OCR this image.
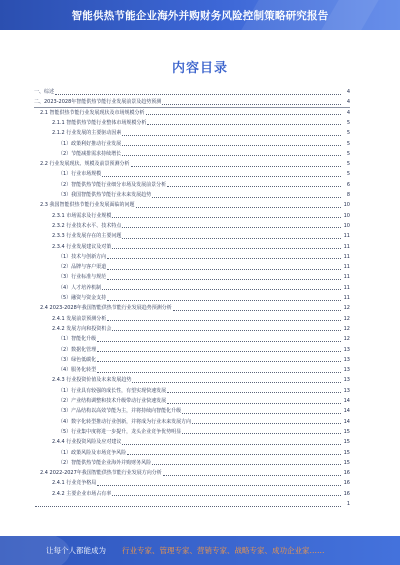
智能供热节能企业海外并购财务风险控制策略研究报告
内容目录
一、综述	4
二、2023-2028年智能供热节能行业发展前景及趋势预测	4
2.1 智能供热节能行业发展现状及市场规模分析	4
2.1.1 智能供热节能行业整体市场规模分析	5
2.1.2 行业发展的主要驱动因素	5
（1）政策利好推动行业发展	5
（2）节能减排需求持续增长	5
2.2 行业发展现状、规模及前景预测分析	5
（1）行业市场规模	5
（2）智能供热节能行业细分市场及发展前景分析	6
（3）我国智能供热节能行业未来发展趋势	8
2.3 我国智能供热节能行业发展面临的问题	10
2.3.1 市场需求及行业规模	10
2.3.2 行业技术水平、技术特点	10
2.3.3 行业发展存在的主要问题	11
2.3.4 行业发展建议及对策	11
（1）技术与创新方向	11
（2）品牌与客户渠道	11
（3）行业标准与规范	11
（4）人才培养机制	11
（5）融资与资金支持	11
2.4 2023-2028年我国智能供热节能行业发展趋势预测分析	12
2.4.1 发展前景预测分析	12
2.4.2 发展方向和投资机会	12
（1）智能化升级	12
（2）数据化管理	13
（3）绿色低碳化	13
（4）服务化转型	13
2.4.3 行业投资价值及未来发展趋势	13
（1）行业具有较强的成长性，有望实现快速发展	13
（2）产业结构调整和技术升级带动行业快速发展	14
（3）产品结构以高效节能为主，并将持续向智能化升级	14
（4）数字化转型推动行业创新，并将成为行业未来发展方向	14
（5）行业集中度将进一步提升，龙头企业竞争优势明显	15
2.4.4 行业投资风险及应对建议	15
（1）政策风险及市场竞争风险	15
（2）智能供热节能企业海外并购财务风险	15
2.4 2022-2027年我国智能供热节能行业发展方向分析	16
2.4.1 行业竞争格局	16
2.4.2 主要企业市场占有率	16
1
让每个人都能成为 行业专家、管理专家、营销专家、战略专家、成功企业家……
